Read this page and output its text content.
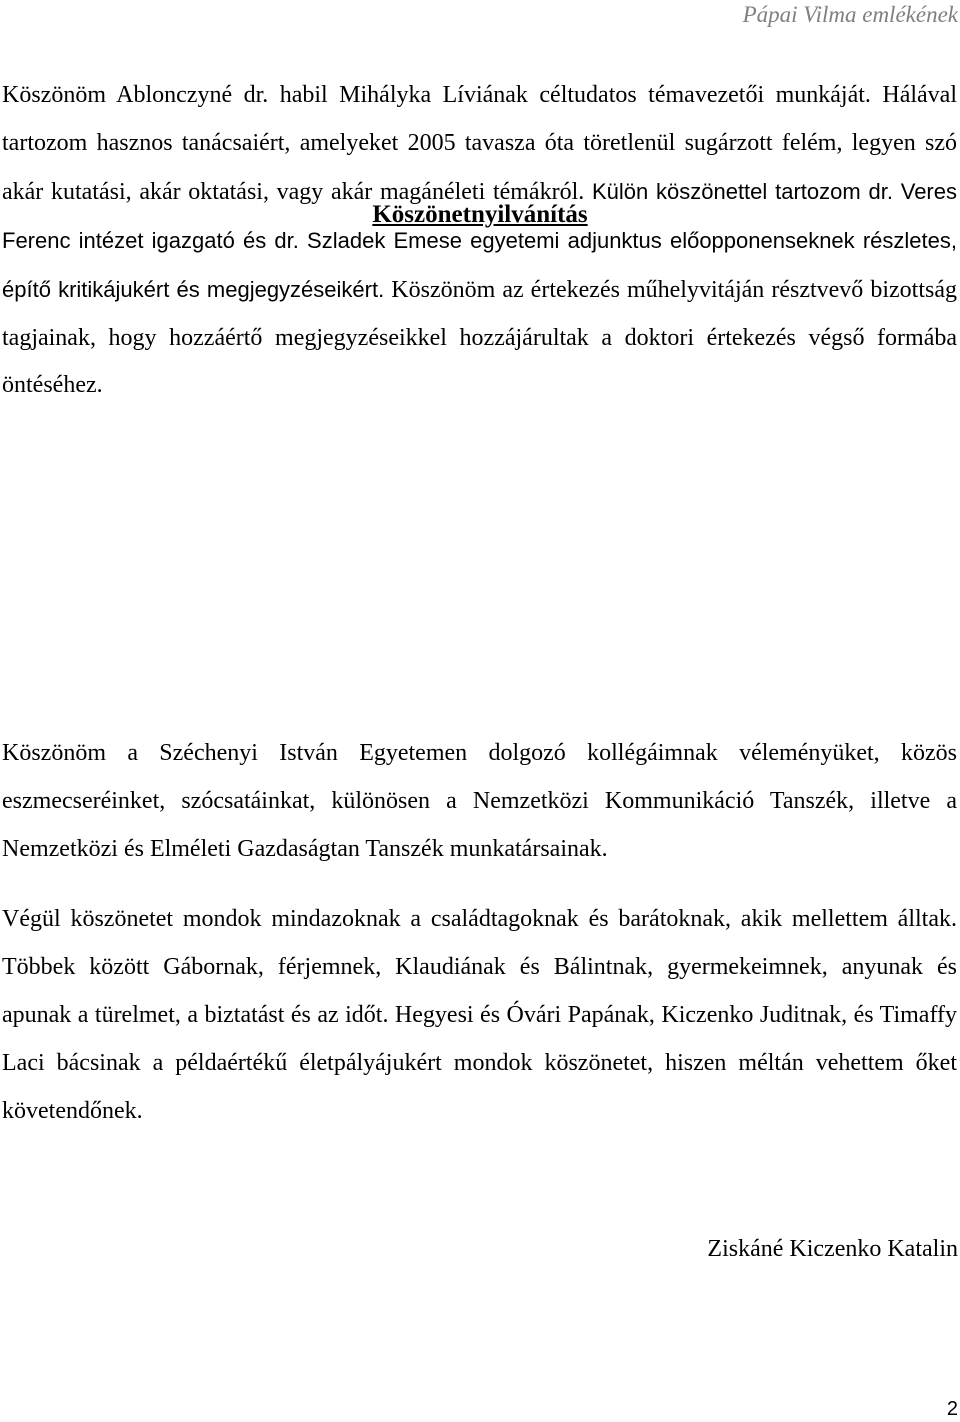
Pápai Vilma emlékének
Köszönetnyilvánítás

Köszönöm Ablonczyné dr. habil Mihályka Líviának céltudatos témavezetői munkáját. Hálával tartozom hasznos tanácsaiért, amelyeket 2005 tavasza óta töretlenül sugárzott felém, legyen szó akár kutatási, akár oktatási, vagy akár magánéleti témákról. Külön köszönettel tartozom dr. Veres Ferenc intézet igazgató és dr. Szladek Emese egyetemi adjunktus előopponenseknek részletes, építő kritikájukért és megjegyzéseikért. Köszönöm az értekezés műhelyvitáján résztvevő bizottság tagjainak, hogy hozzáértő megjegyzéseikkel hozzájárultak a doktori értekezés végső formába öntéséhez.

Köszönöm a Széchenyi István Egyetemen dolgozó kollégáimnak véleményüket, közös eszmecseréinket, szócsatáinkat, különösen a Nemzetközi Kommunikáció Tanszék, illetve a Nemzetközi és Elméleti Gazdaságtan Tanszék munkatársainak.

Végül köszönetet mondok mindazoknak a családtagoknak és barátoknak, akik mellettem álltak. Többek között Gábornak, férjemnek, Klaudiának és Bálintnak, gyermekeimnek, anyunak és apunak a türelmet, a biztatást és az időt. Hegyesi és Óvári Papának, Kiczenko Juditnak, és Timaffy Laci bácsinak a példaértékű életpályájukért mondok köszönetet, hiszen méltán vehettem őket követendőnek.

Ziskáné Kiczenko Katalin
2
